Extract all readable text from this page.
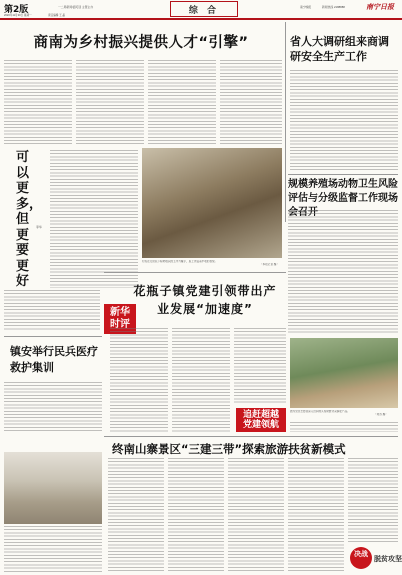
第2版
2020年11月30日 星期一	责任编辑 王 晶
一二局新闻/面可读 主管主办	综 合	南宁晚报	新闻热线 2188888	南宁日报
商南为乡村振兴提供人才“引擎”	省人大调研组来商调研安全生产工作
可以更多，但更要更好
李华
新华时评
村民在太阳底下晾晒收获的玉米与魔芋，脸上洋溢着丰收的喜悦。
（本报记者 摄）
规模养殖场动物卫生风险评估与分级监督工作现场会召开
花瓶子镇党建引领带出产业发展“加速度”
追赶超越
党建领航
图为党员志愿者深入田间地头帮助群众采摘农产品。
（刘涛 摄）
镇安举行民兵医疗救护集训
终南山寨景区“三建三带”探索旅游扶贫新模式
决战
脱贫攻坚
